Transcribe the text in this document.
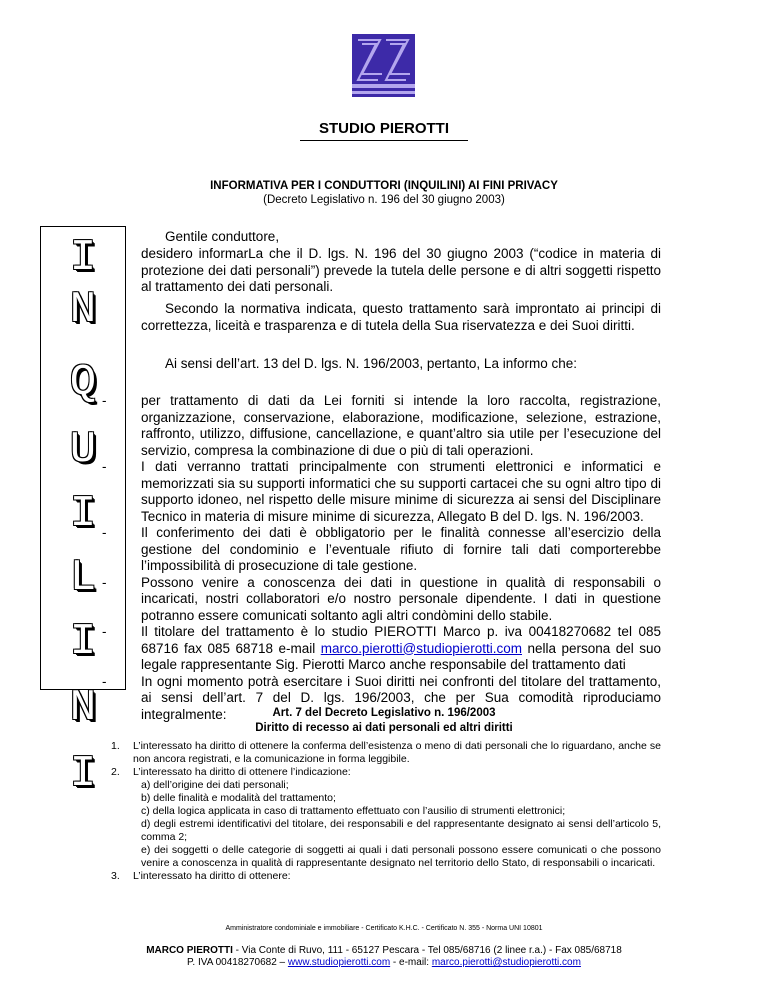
STUDIO PIEROTTI
INFORMATIVA PER I CONDUTTORI (INQUILINI) AI FINI PRIVACY
(Decreto Legislativo n. 196 del 30 giugno 2003)
I
N
Q
U
I
L
I
N
I
Gentile conduttore,
desidero informarLa che il D. lgs. N. 196 del 30 giugno 2003 (“codice in materia di protezione dei dati personali”) prevede la tutela delle persone e di altri soggetti rispetto al trattamento dei dati personali.
Secondo la normativa indicata, questo trattamento sarà improntato ai principi di correttezza, liceità e trasparenza e di tutela della Sua riservatezza e dei Suoi diritti.
Ai sensi dell’art. 13 del D. lgs. N. 196/2003, pertanto, La informo che:
-	per trattamento di dati da Lei forniti si intende la loro raccolta, registrazione, organizzazione, conservazione, elaborazione, modificazione, selezione, estrazione, raffronto, utilizzo, diffusione, cancellazione, e quant’altro sia utile per l’esecuzione del servizio, compresa la combinazione di due o più di tali operazioni.
-	I dati verranno trattati principalmente con strumenti elettronici e informatici e memorizzati sia su supporti informatici che su supporti cartacei che su ogni altro tipo di supporto idoneo, nel rispetto delle misure minime di sicurezza ai sensi del Disciplinare Tecnico in materia di misure minime di sicurezza, Allegato B del D. lgs. N. 196/2003.
-	Il conferimento dei dati è obbligatorio per le finalità connesse all’esercizio della gestione del condominio e l’eventuale rifiuto di fornire tali dati comporterebbe l’impossibilità di prosecuzione di tale gestione.
-	Possono venire a conoscenza dei dati in questione in qualità di responsabili o incaricati, nostri collaboratori e/o nostro personale dipendente. I dati in questione potranno essere comunicati soltanto agli altri condòmini dello stabile.
-	Il titolare del trattamento è lo studio PIEROTTI Marco p. iva 00418270682 tel 085 68716 fax 085 68718 e-mail marco.pierotti@studiopierotti.com nella persona del suo legale rappresentante Sig. Pierotti Marco anche responsabile del trattamento dati
-	In ogni momento potrà esercitare i Suoi diritti nei confronti del titolare del trattamento, ai sensi dell’art. 7 del D. lgs. 196/2003, che per Sua comodità riproduciamo integralmente:	Art. 7 del Decreto Legislativo n. 196/2003
Diritto di recesso ai dati personali ed altri diritti
1. L’interessato ha diritto di ottenere la conferma dell’esistenza o meno di dati personali che lo riguardano, anche se non ancora registrati, e la comunicazione in forma leggibile.
2. L’interessato ha diritto di ottenere l’indicazione:
a) dell’origine dei dati personali;
b) delle finalità e modalità del trattamento;
c) della logica applicata in caso di trattamento effettuato con l’ausilio di strumenti elettronici;
d) degli estremi identificativi del titolare, dei responsabili e del rappresentante designato ai sensi dell’articolo 5, comma 2;
e) dei soggetti o delle categorie di soggetti ai quali i dati personali possono essere comunicati o che possono venire a conoscenza in qualità di rappresentante designato nel territorio dello Stato, di responsabili o incaricati.
3. L’interessato ha diritto di ottenere:
Amministratore condominiale e immobiliare - Certificato K.H.C. - Certificato N. 355 - Norma UNI 10801
MARCO PIEROTTI - Via Conte di Ruvo, 111 - 65127 Pescara - Tel 085/68716 (2 linee r.a.) - Fax 085/68718
P. IVA 00418270682 – www.studiopierotti.com - e-mail: marco.pierotti@studiopierotti.com
